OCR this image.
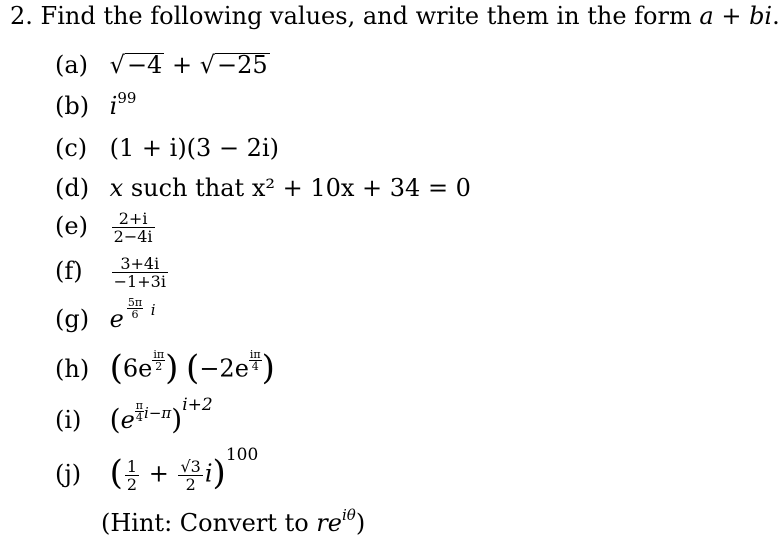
2. Find the following values, and write them in the form a + bi.
(a) √−4 + √−25
(b) $i^{99}$
(c) (1 + i)(3 − 2i)
(d) x such that x² + 10x + 34 = 0
$(e) \frac{2+i}{2-4i}$
$(f) \frac{3+4i}{-1+3i}$
(g) e $\frac{5\pi}{6}$ i
(h) ($6e \frac{i\pi}{2}$ ) ($-2e \frac{i\pi}{4}$ )
(i) $(e \frac{\pi}{4} i-\pi)^{i+2}$
(j) ( $\frac{1}{2} + \frac{√3}{2} i)^{100}$
(Hint: Convert to $re^{i\theta}$)
